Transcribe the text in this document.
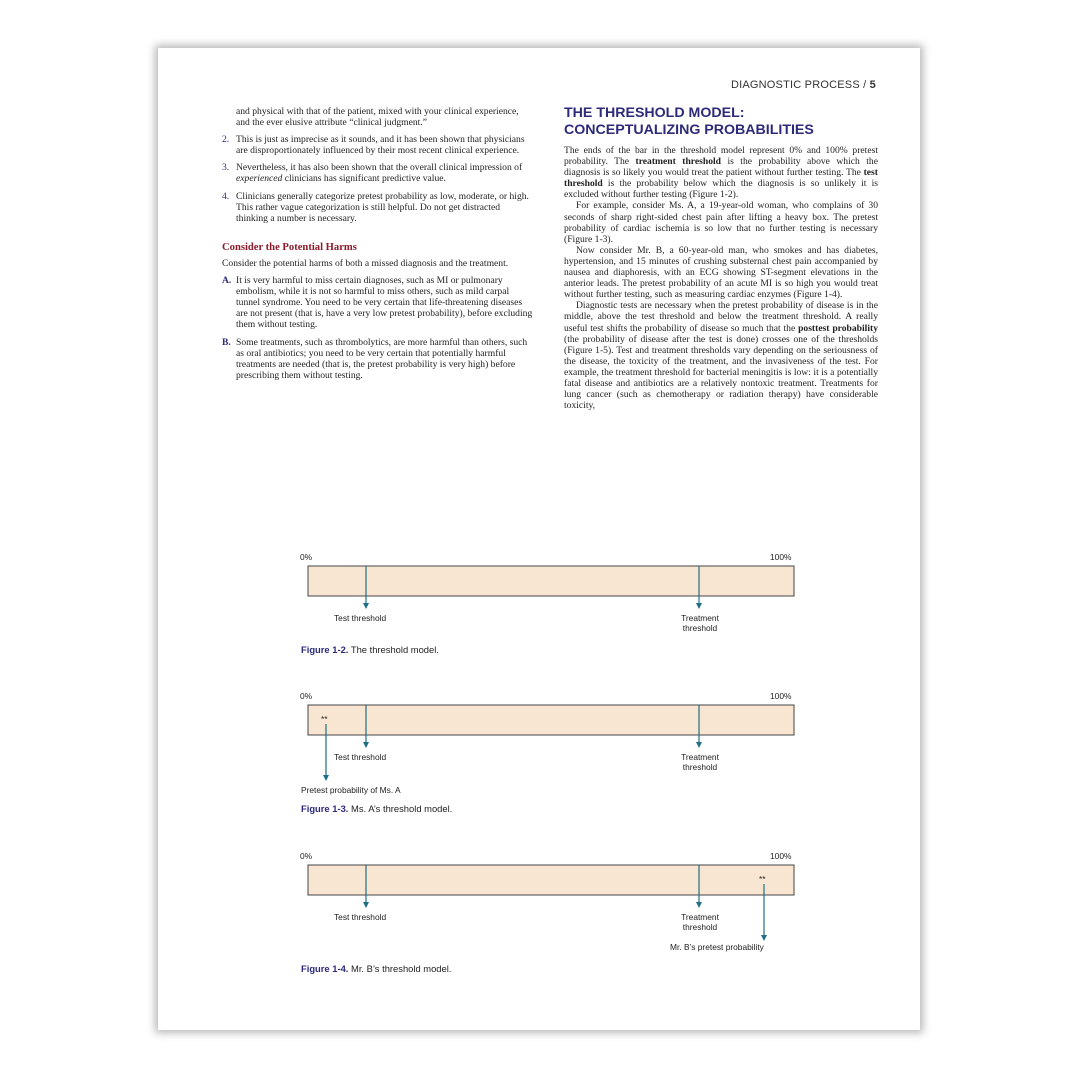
DIAGNOSTIC PROCESS / 5

and physical with that of the patient, mixed with your clinical experience, and the ever elusive attribute “clinical judgment.”

2. This is just as imprecise as it sounds, and it has been shown that physicians are disproportionately influenced by their most recent clinical experience.
3. Nevertheless, it has also been shown that the overall clinical impression of experienced clinicians has significant predictive value.
4. Clinicians generally categorize pretest probability as low, moderate, or high. This rather vague categorization is still helpful. Do not get distracted thinking a number is necessary.
Consider the Potential Harms

Consider the potential harms of both a missed diagnosis and the treatment.

A. It is very harmful to miss certain diagnoses, such as MI or pulmonary embolism, while it is not so harmful to miss others, such as mild carpal tunnel syndrome. You need to be very certain that life-threatening diseases are not present (that is, have a very low pretest probability), before excluding them without testing.
B. Some treatments, such as thrombolytics, are more harmful than others, such as oral antibiotics; you need to be very certain that potentially harmful treatments are needed (that is, the pretest probability is very high) before prescribing them without testing.
THE THRESHOLD MODEL: CONCEPTUALIZING PROBABILITIES

The ends of the bar in the threshold model represent 0% and 100% pretest probability. The treatment threshold is the probability above which the diagnosis is so likely you would treat the patient without further testing. The test threshold is the probability below which the diagnosis is so unlikely it is excluded without further testing (Figure 1-2).

For example, consider Ms. A, a 19-year-old woman, who complains of 30 seconds of sharp right-sided chest pain after lifting a heavy box. The pretest probability of cardiac ischemia is so low that no further testing is necessary (Figure 1-3).

Now consider Mr. B, a 60-year-old man, who smokes and has diabetes, hypertension, and 15 minutes of crushing substernal chest pain accompanied by nausea and diaphoresis, with an ECG showing ST-segment elevations in the anterior leads. The pretest probability of an acute MI is so high you would treat without further testing, such as measuring cardiac enzymes (Figure 1-4).

Diagnostic tests are necessary when the pretest probability of disease is in the middle, above the test threshold and below the treatment threshold. A really useful test shifts the probability of disease so much that the posttest probability (the probability of disease after the test is done) crosses one of the thresholds (Figure 1-5). Test and treatment thresholds vary depending on the seriousness of the disease, the toxicity of the treatment, and the invasiveness of the test. For example, the treatment threshold for bacterial meningitis is low: it is a potentially fatal disease and antibiotics are a relatively nontoxic treatment. Treatments for lung cancer (such as chemotherapy or radiation therapy) have considerable toxicity,

0%	100%
Test threshold	Treatment
threshold
Figure 1-2. The threshold model.
0%	100%
**
Test threshold	Treatment
threshold
Pretest probability of Ms. A
Figure 1-3. Ms. A’s threshold model.
0%	100%
**
Test threshold	Treatment
threshold
Mr. B’s pretest probability
Figure 1-4. Mr. B’s threshold model.
